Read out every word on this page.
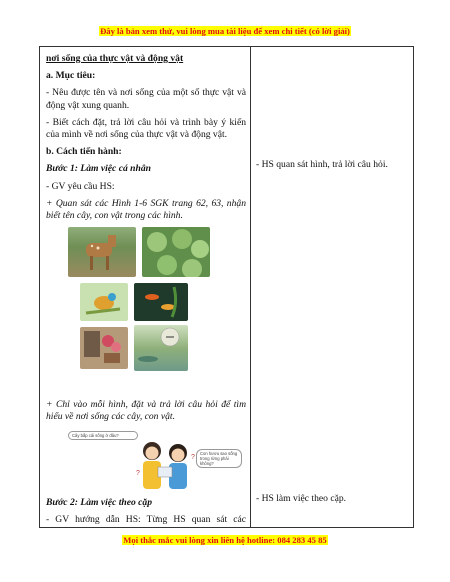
Đây là bản xem thử, vui lòng mua tài liệu để xem chi tiết (có lời giải)

nơi sống của thực vật và động vật

a. Mục tiêu:

- Nêu được tên và nơi sống của một số thực vật và động vật xung quanh.

- Biết cách đặt, trả lời câu hỏi và trình bày ý kiến của mình về nơi sống của thực vật và động vật.

b. Cách tiến hành:

Bước 1: Làm việc cá nhân

- GV yêu cầu HS:

+ Quan sát các Hình 1-6 SGK trang 62, 63, nhận biết tên cây, con vật trong các hình.

+ Chỉ vào mỗi hình, đặt và trả lời câu hỏi để tìm hiểu về nơi sống các cây, con vật.

Cây bắp cải sống ở đâu?
Con hươu sao sống trong rừng phải không?
?
?

Bước 2: Làm việc theo cặp

- GV hướng dẫn HS: Từng HS quan sát các

- HS quan sát hình, trả lời câu hỏi.
- HS làm việc theo cặp.
Mọi thắc mắc vui lòng xin liên hệ hotline: 084 283 45 85
